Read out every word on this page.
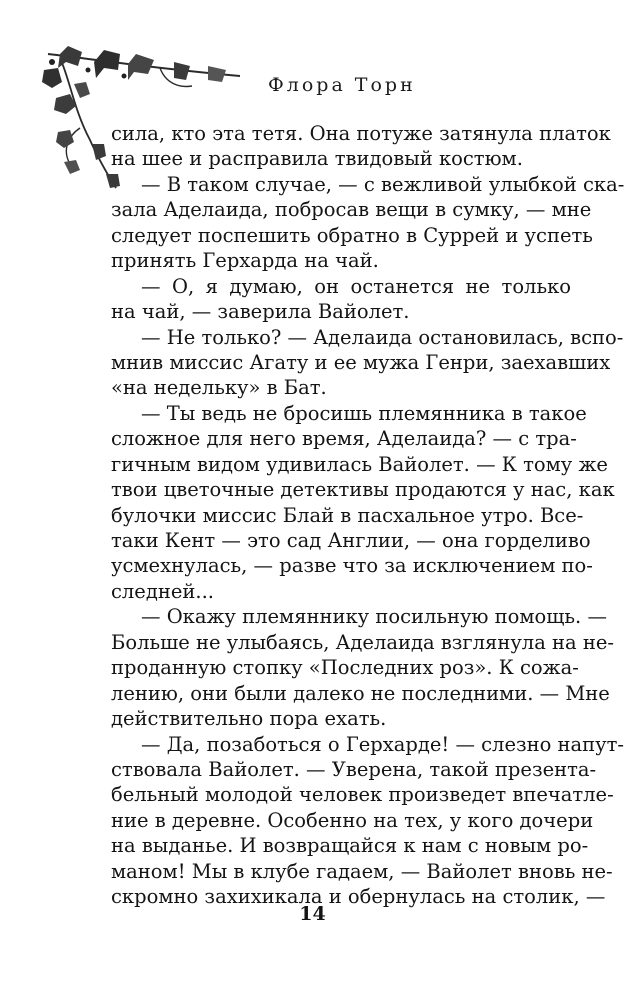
Флора Торн
сила, кто эта тетя. Она потуже затянула платок
на шее и расправила твидовый костюм.
— В таком случае, — с вежливой улыбкой ска-
зала Аделаида, побросав вещи в сумку, — мне
следует поспешить обратно в Суррей и успеть
принять Герхарда на чай.
— О, я думаю, он останется не только
на чай, — заверила Вайолет.
— Не только? — Аделаида остановилась, вспо-
мнив миссис Агату и ее мужа Генри, заехавших
«на недельку» в Бат.
— Ты ведь не бросишь племянника в такое
сложное для него время, Аделаида? — с тра-
гичным видом удивилась Вайолет. — К тому же
твои цветочные детективы продаются у нас, как
булочки миссис Блай в пасхальное утро. Все-
таки Кент — это сад Англии, — она горделиво
усмехнулась, — разве что за исключением по-
следней...
— Окажу племяннику посильную помощь. —
Больше не улыбаясь, Аделаида взглянула на не-
проданную стопку «Последних роз». К сожа-
лению, они были далеко не последними. — Мне
действительно пора ехать.
— Да, позаботься о Герхарде! — слезно напут-
ствовала Вайолет. — Уверена, такой презента-
бельный молодой человек произведет впечатле-
ние в деревне. Особенно на тех, у кого дочери
на выданье. И возвращайся к нам с новым ро-
маном! Мы в клубе гадаем, — Вайолет вновь не-
скромно захихикала и обернулась на столик, —
14
